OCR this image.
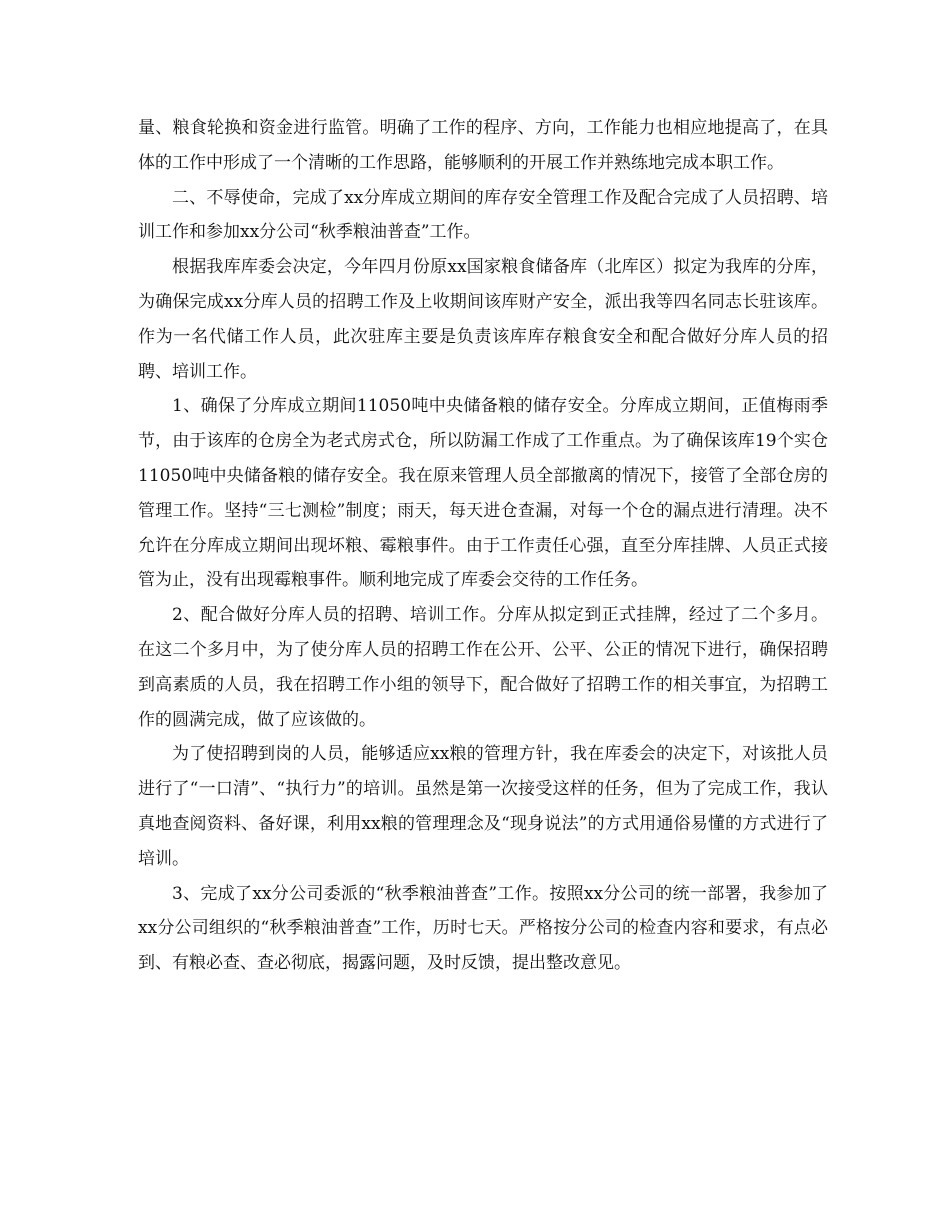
量、粮食轮换和资金进行监管。明确了工作的程序、方向，工作能力也相应地提高了，在具体的工作中形成了一个清晰的工作思路，能够顺利的开展工作并熟练地完成本职工作。

二、不辱使命，完成了xx分库成立期间的库存安全管理工作及配合完成了人员招聘、培训工作和参加xx分公司“秋季粮油普查”工作。

根据我库库委会决定，今年四月份原xx国家粮食储备库（北库区）拟定为我库的分库，为确保完成xx分库人员的招聘工作及上收期间该库财产安全，派出我等四名同志长驻该库。作为一名代储工作人员，此次驻库主要是负责该库库存粮食安全和配合做好分库人员的招聘、培训工作。

1、确保了分库成立期间11050吨中央储备粮的储存安全。分库成立期间，正值梅雨季节，由于该库的仓房全为老式房式仓，所以防漏工作成了工作重点。为了确保该库19个实仓11050吨中央储备粮的储存安全。我在原来管理人员全部撤离的情况下，接管了全部仓房的管理工作。坚持“三七测检”制度；雨天，每天进仓查漏，对每一个仓的漏点进行清理。决不允许在分库成立期间出现坏粮、霉粮事件。由于工作责任心强，直至分库挂牌、人员正式接管为止，没有出现霉粮事件。顺利地完成了库委会交待的工作任务。

2、配合做好分库人员的招聘、培训工作。分库从拟定到正式挂牌，经过了二个多月。在这二个多月中，为了使分库人员的招聘工作在公开、公平、公正的情况下进行，确保招聘到高素质的人员，我在招聘工作小组的领导下，配合做好了招聘工作的相关事宜，为招聘工作的圆满完成，做了应该做的。

为了使招聘到岗的人员，能够适应xx粮的管理方针，我在库委会的决定下，对该批人员进行了“一口清”、“执行力”的培训。虽然是第一次接受这样的任务，但为了完成工作，我认真地查阅资料、备好课，利用xx粮的管理理念及“现身说法”的方式用通俗易懂的方式进行了培训。

3、完成了xx分公司委派的“秋季粮油普查”工作。按照xx分公司的统一部署，我参加了xx分公司组织的“秋季粮油普查”工作，历时七天。严格按分公司的检查内容和要求，有点必到、有粮必查、查必彻底，揭露问题，及时反馈，提出整改意见。
